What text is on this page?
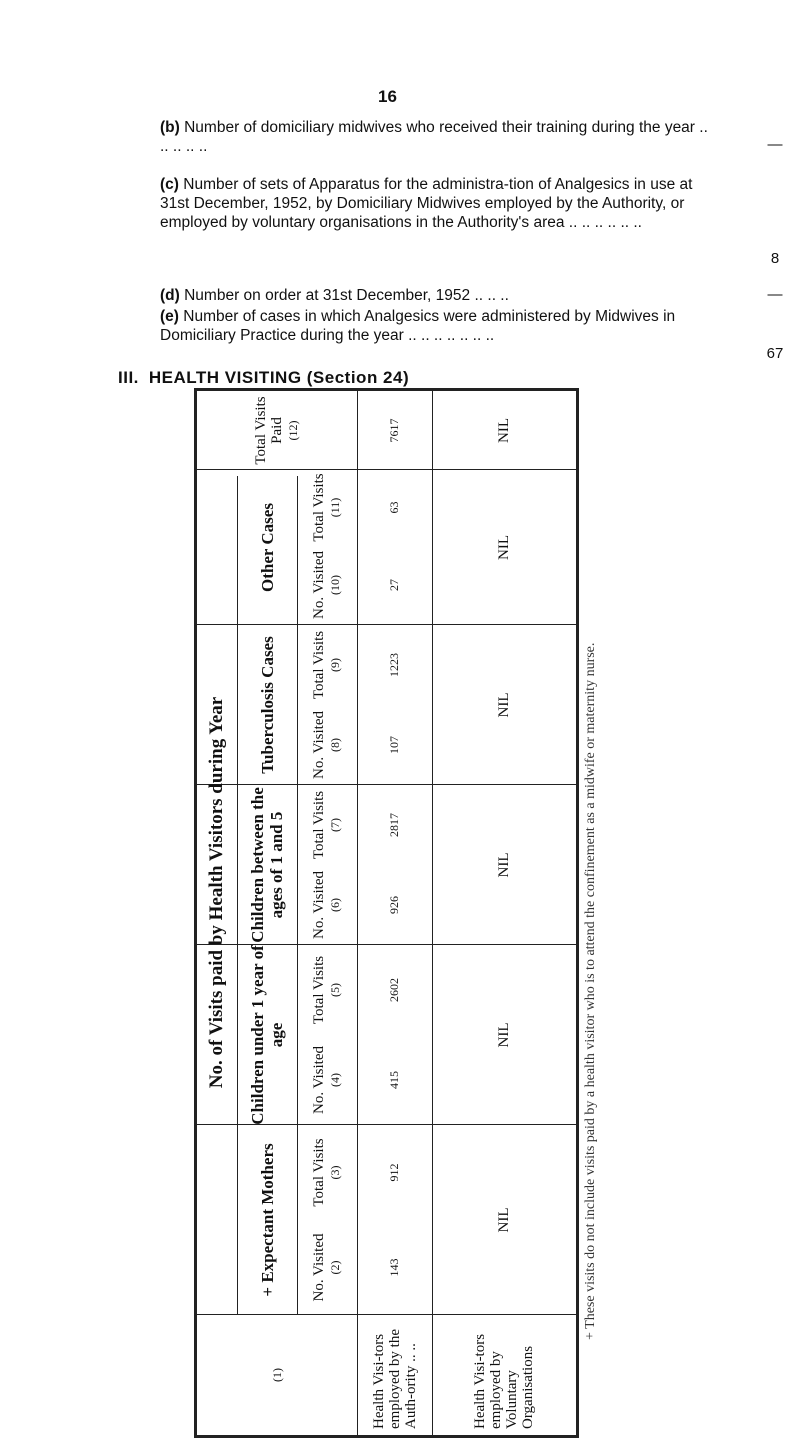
16
(b) Number of domiciliary midwives who received their training during the year .. .. .. .. ..	—
(c) Number of sets of Apparatus for the administra-tion of Analgesics in use at 31st December, 1952, by Domiciliary Midwives employed by the Authority, or employed by voluntary organisations in the Authority's area .. .. .. .. .. ..
8
(d) Number on order at 31st December, 1952 .. .. ..	—
(e) Number of cases in which Analgesics were administered by Midwives in Domiciliary Practice during the year .. .. .. .. .. .. ..
67
III. HEALTH VISITING (Section 24)
No. of Visits paid by Health Visitors during Year
(1)
+ Expectant Mothers
Children under 1 year of age
Children between the ages of 1 and 5
Tuberculosis Cases
Other Cases
No. Visited (2)
Total Visits (3)
No. Visited (4)
Total Visits (5)
No. Visited (6)
Total Visits (7)
No. Visited (8)
Total Visits (9)
No. Visited (10)
Total Visits (11)
Total Visits Paid (12)
Health Visi-tors employed by the Auth-ority .. ..
143
912
415
2602
926
2817
107
1223
27
63
7617
Health Visi-tors employed by Voluntary Organisations
NIL
NIL
NIL
NIL
NIL
NIL
+ These visits do not include visits paid by a health visitor who is to attend the confinement as a midwife or maternity nurse.
